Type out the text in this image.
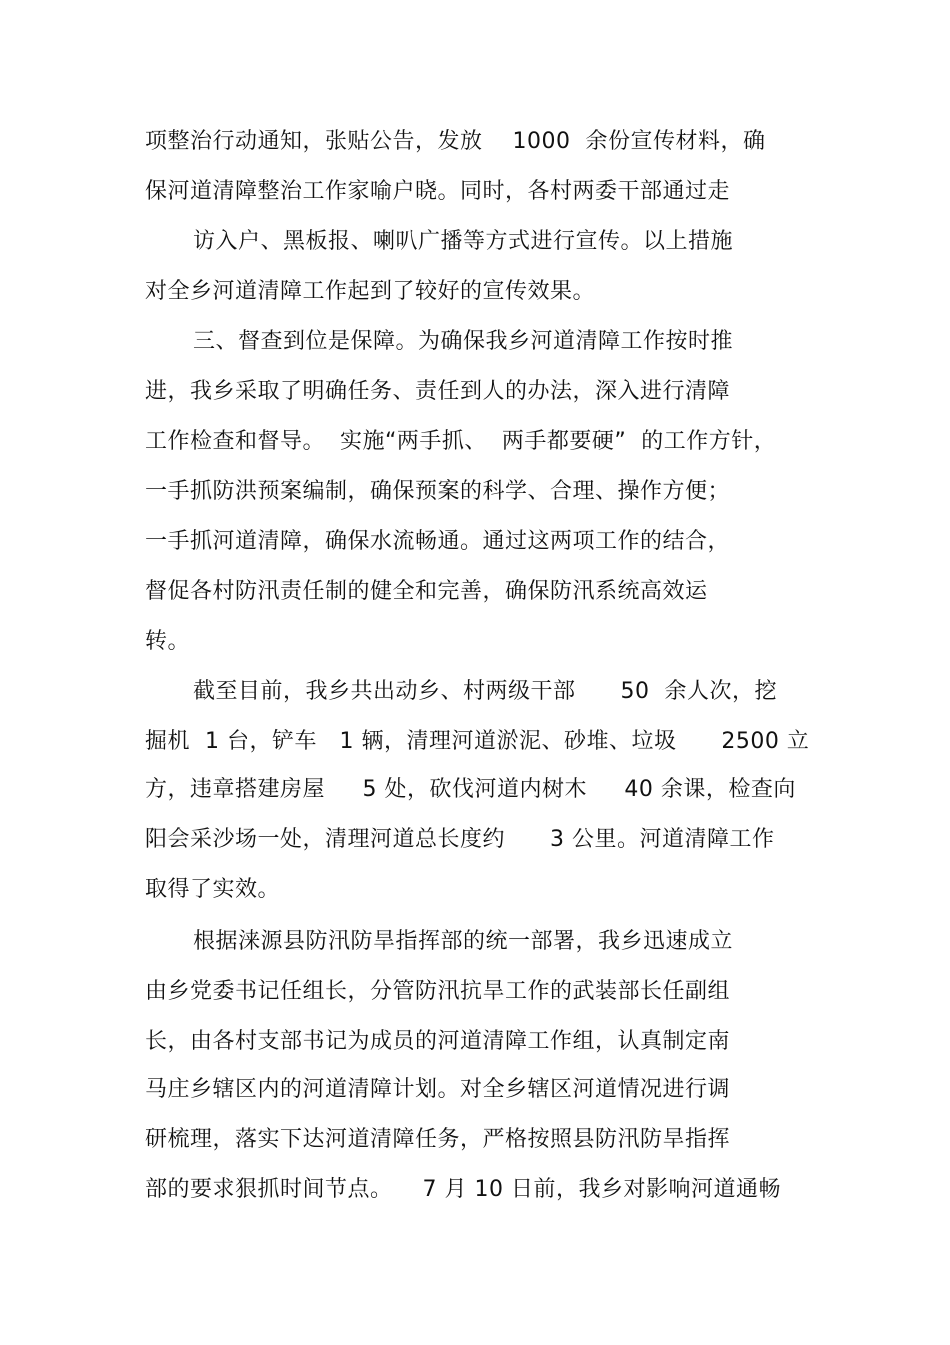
项整治行动通知，张贴公告，发放    1000  余份宣传材料，确
保河道清障整治工作家喻户晓。同时，各村两委干部通过走
访入户、黑板报、喇叭广播等方式进行宣传。以上措施
对全乡河道清障工作起到了较好的宣传效果。
三、督查到位是保障。为确保我乡河道清障工作按时推
进，我乡采取了明确任务、责任到人的办法，深入进行清障
工作检查和督导。  实施“两手抓、  两手都要硬”  的工作方针，
一手抓防洪预案编制，确保预案的科学、合理、操作方便；
一手抓河道清障，确保水流畅通。通过这两项工作的结合，
督促各村防汛责任制的健全和完善，确保防汛系统高效运
转。
截至目前，我乡共出动乡、村两级干部      50  余人次，挖
掘机  1 台，铲车   1 辆，清理河道淤泥、砂堆、垃圾      2500 立
方，违章搭建房屋     5 处，砍伐河道内树木     40 余课，检查向
阳会采沙场一处，清理河道总长度约      3 公里。河道清障工作
取得了实效。
根据涞源县防汛防旱指挥部的统一部署，我乡迅速成立
由乡党委书记任组长，分管防汛抗旱工作的武装部长任副组
长，由各村支部书记为成员的河道清障工作组，认真制定南
马庄乡辖区内的河道清障计划。对全乡辖区河道情况进行调
研梳理，落实下达河道清障任务，严格按照县防汛防旱指挥
部的要求狠抓时间节点。    7 月 10 日前，我乡对影响河道通畅
